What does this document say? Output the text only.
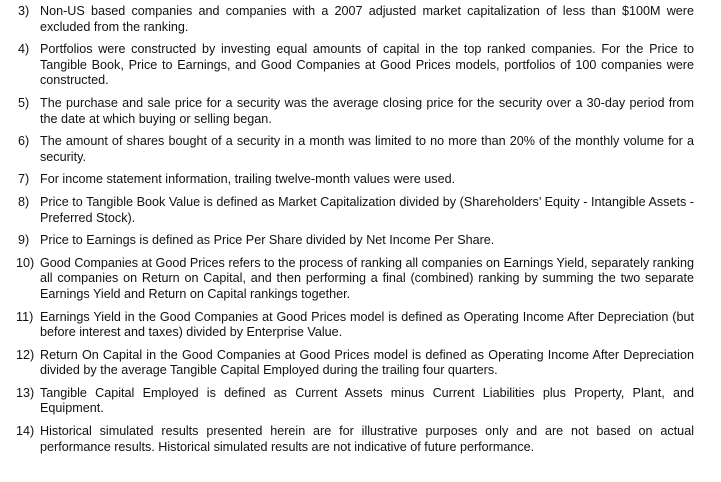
3) Non-US based companies and companies with a 2007 adjusted market capitalization of less than $100M were excluded from the ranking.
4) Portfolios were constructed by investing equal amounts of capital in the top ranked companies. For the Price to Tangible Book, Price to Earnings, and Good Companies at Good Prices models, portfolios of 100 companies were constructed.
5) The purchase and sale price for a security was the average closing price for the security over a 30-day period from the date at which buying or selling began.
6) The amount of shares bought of a security in a month was limited to no more than 20% of the monthly volume for a security.
7) For income statement information, trailing twelve-month values were used.
8) Price to Tangible Book Value is defined as Market Capitalization divided by (Shareholders’ Equity - Intangible Assets - Preferred Stock).
9) Price to Earnings is defined as Price Per Share divided by Net Income Per Share.
10) Good Companies at Good Prices refers to the process of ranking all companies on Earnings Yield, separately ranking all companies on Return on Capital, and then performing a final (combined) ranking by summing the two separate Earnings Yield and Return on Capital rankings together.
11) Earnings Yield in the Good Companies at Good Prices model is defined as Operating Income After Depreciation (but before interest and taxes) divided by Enterprise Value.
12) Return On Capital in the Good Companies at Good Prices model is defined as Operating Income After Depreciation divided by the average Tangible Capital Employed during the trailing four quarters.
13) Tangible Capital Employed is defined as Current Assets minus Current Liabilities plus Property, Plant, and Equipment.
14) Historical simulated results presented herein are for illustrative purposes only and are not based on actual performance results. Historical simulated results are not indicative of future performance.
